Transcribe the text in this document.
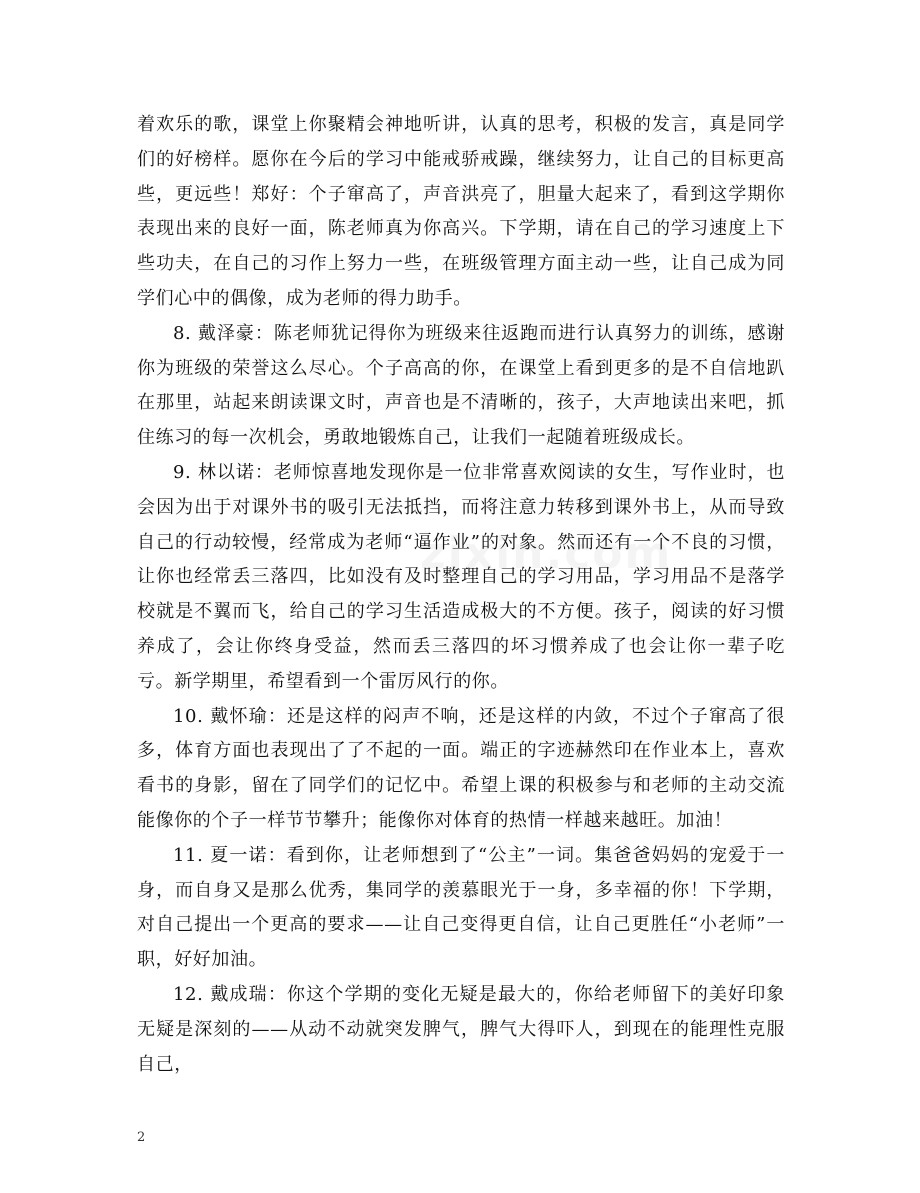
着欢乐的歌，课堂上你聚精会神地听讲，认真的思考，积极的发言，真是同学们的好榜样。愿你在今后的学习中能戒骄戒躁，继续努力，让自己的目标更高些，更远些！郑好：个子窜高了，声音洪亮了，胆量大起来了，看到这学期你表现出来的良好一面，陈老师真为你高兴。下学期，请在自己的学习速度上下些功夫，在自己的习作上努力一些，在班级管理方面主动一些，让自己成为同学们心中的偶像，成为老师的得力助手。

8. 戴泽豪：陈老师犹记得你为班级来往返跑而进行认真努力的训练，感谢你为班级的荣誉这么尽心。个子高高的你，在课堂上看到更多的是不自信地趴在那里，站起来朗读课文时，声音也是不清晰的，孩子，大声地读出来吧，抓住练习的每一次机会，勇敢地锻炼自己，让我们一起随着班级成长。

9. 林以诺：老师惊喜地发现你是一位非常喜欢阅读的女生，写作业时，也会因为出于对课外书的吸引无法抵挡，而将注意力转移到课外书上，从而导致自己的行动较慢，经常成为老师“逼作业”的对象。然而还有一个不良的习惯，让你也经常丢三落四，比如没有及时整理自己的学习用品，学习用品不是落学校就是不翼而飞，给自己的学习生活造成极大的不方便。孩子，阅读的好习惯养成了，会让你终身受益，然而丢三落四的坏习惯养成了也会让你一辈子吃亏。新学期里，希望看到一个雷厉风行的你。

10. 戴怀瑜：还是这样的闷声不响，还是这样的内敛，不过个子窜高了很多，体育方面也表现出了了不起的一面。端正的字迹赫然印在作业本上，喜欢看书的身影，留在了同学们的记忆中。希望上课的积极参与和老师的主动交流能像你的个子一样节节攀升；能像你对体育的热情一样越来越旺。加油！

11. 夏一诺：看到你，让老师想到了“公主”一词。集爸爸妈妈的宠爱于一身，而自身又是那么优秀，集同学的羡慕眼光于一身，多幸福的你！下学期，对自己提出一个更高的要求——让自己变得更自信，让自己更胜任“小老师”一职，好好加油。

12. 戴成瑞：你这个学期的变化无疑是最大的，你给老师留下的美好印象无疑是深刻的——从动不动就突发脾气，脾气大得吓人，到现在的能理性克服自己，

2
